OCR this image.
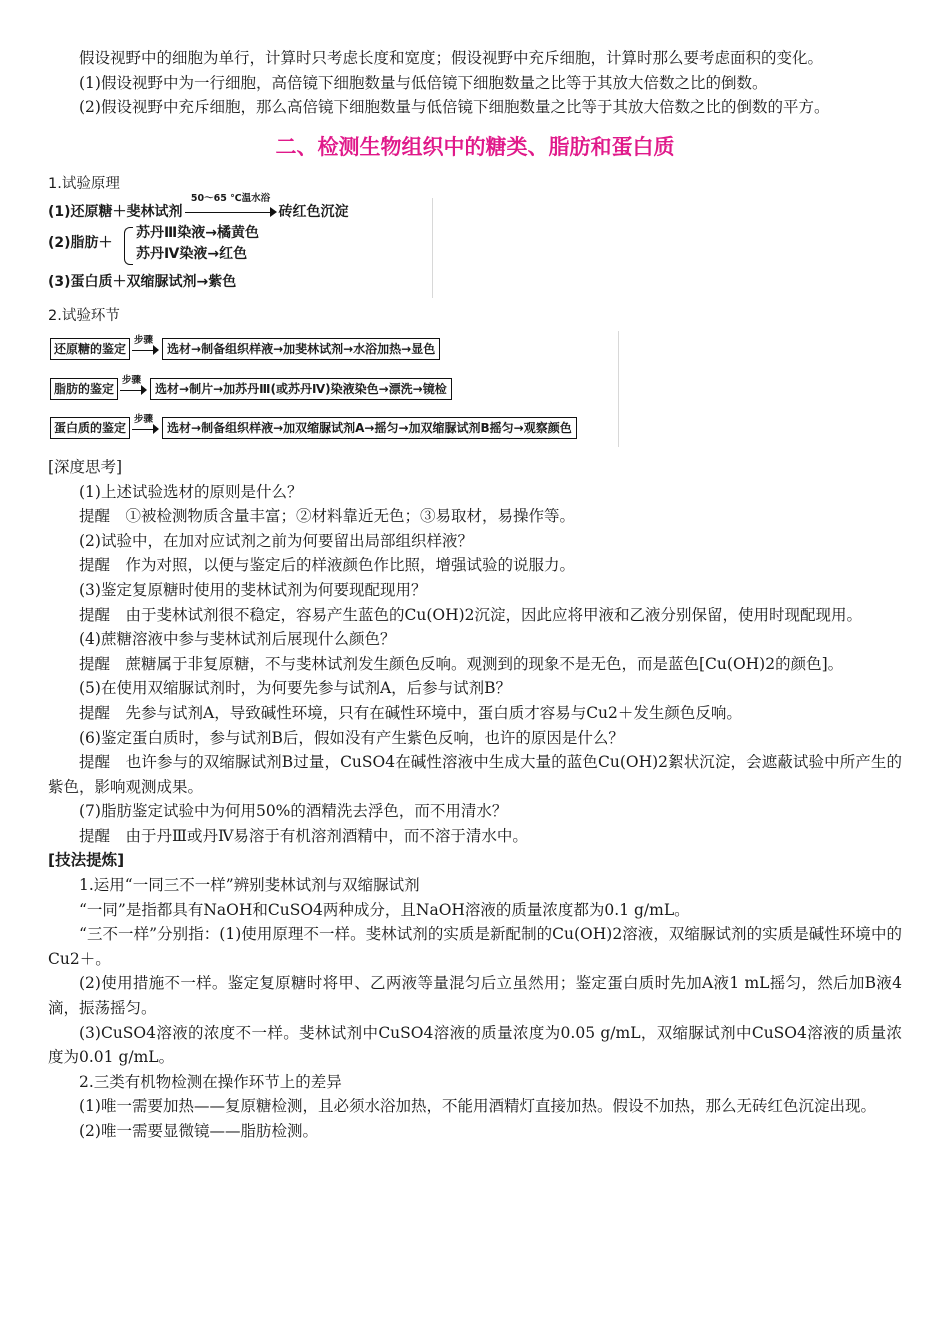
假设视野中的细胞为单行，计算时只考虑长度和宽度；假设视野中充斥细胞，计算时那么要考虑面积的变化。

(1)假设视野中为一行细胞，高倍镜下细胞数量与低倍镜下细胞数量之比等于其放大倍数之比的倒数。

(2)假设视野中充斥细胞，那么高倍镜下细胞数量与低倍镜下细胞数量之比等于其放大倍数之比的倒数的平方。

二、检测生物组织中的糖类、脂肪和蛋白质

1.试验原理

(1)还原糖＋斐林试剂
50～65 ℃温水浴
砖红色沉淀
(2)脂肪＋
苏丹Ⅲ染液→橘黄色
苏丹Ⅳ染液→红色
(3)蛋白质＋双缩脲试剂→紫色

2.试验环节

还原糖的鉴定
步骤
选材→制备组织样液→加斐林试剂→水浴加热→显色
脂肪的鉴定
步骤
选材→制片→加苏丹Ⅲ(或苏丹Ⅳ)染液染色→漂洗→镜检
蛋白质的鉴定
步骤
选材→制备组织样液→加双缩脲试剂A→摇匀→加双缩脲试剂B摇匀→观察颜色

[深度思考]

(1)上述试验选材的原则是什么？

提醒　①被检测物质含量丰富；②材料靠近无色；③易取材，易操作等。

(2)试验中，在加对应试剂之前为何要留出局部组织样液？

提醒　作为对照，以便与鉴定后的样液颜色作比照，增强试验的说服力。

(3)鉴定复原糖时使用的斐林试剂为何要现配现用？

提醒　由于斐林试剂很不稳定，容易产生蓝色的Cu(OH)2沉淀，因此应将甲液和乙液分别保留，使用时现配现用。

(4)蔗糖溶液中参与斐林试剂后展现什么颜色？

提醒　蔗糖属于非复原糖，不与斐林试剂发生颜色反响。观测到的现象不是无色，而是蓝色[Cu(OH)2的颜色]。

(5)在使用双缩脲试剂时，为何要先参与试剂A，后参与试剂B？

提醒　先参与试剂A，导致碱性环境，只有在碱性环境中，蛋白质才容易与Cu2＋发生颜色反响。

(6)鉴定蛋白质时，参与试剂B后，假如没有产生紫色反响，也许的原因是什么？

提醒　也许参与的双缩脲试剂B过量，CuSO4在碱性溶液中生成大量的蓝色Cu(OH)2絮状沉淀，会遮蔽试验中所产生的紫色，影响观测成果。

(7)脂肪鉴定试验中为何用50%的酒精洗去浮色，而不用清水？

提醒　由于丹Ⅲ或丹Ⅳ易溶于有机溶剂酒精中，而不溶于清水中。

[技法提炼]

1.运用“一同三不一样”辨别斐林试剂与双缩脲试剂

“一同”是指都具有NaOH和CuSO4两种成分，且NaOH溶液的质量浓度都为0.1 g/mL。

“三不一样”分别指：(1)使用原理不一样。斐林试剂的实质是新配制的Cu(OH)2溶液，双缩脲试剂的实质是碱性环境中的Cu2＋。

(2)使用措施不一样。鉴定复原糖时将甲、乙两液等量混匀后立虽然用；鉴定蛋白质时先加A液1 mL摇匀，然后加B液4滴，振荡摇匀。

(3)CuSO4溶液的浓度不一样。斐林试剂中CuSO4溶液的质量浓度为0.05 g/mL，双缩脲试剂中CuSO4溶液的质量浓度为0.01 g/mL。

2.三类有机物检测在操作环节上的差异

(1)唯一需要加热——复原糖检测，且必须水浴加热，不能用酒精灯直接加热。假设不加热，那么无砖红色沉淀出现。

(2)唯一需要显微镜——脂肪检测。
